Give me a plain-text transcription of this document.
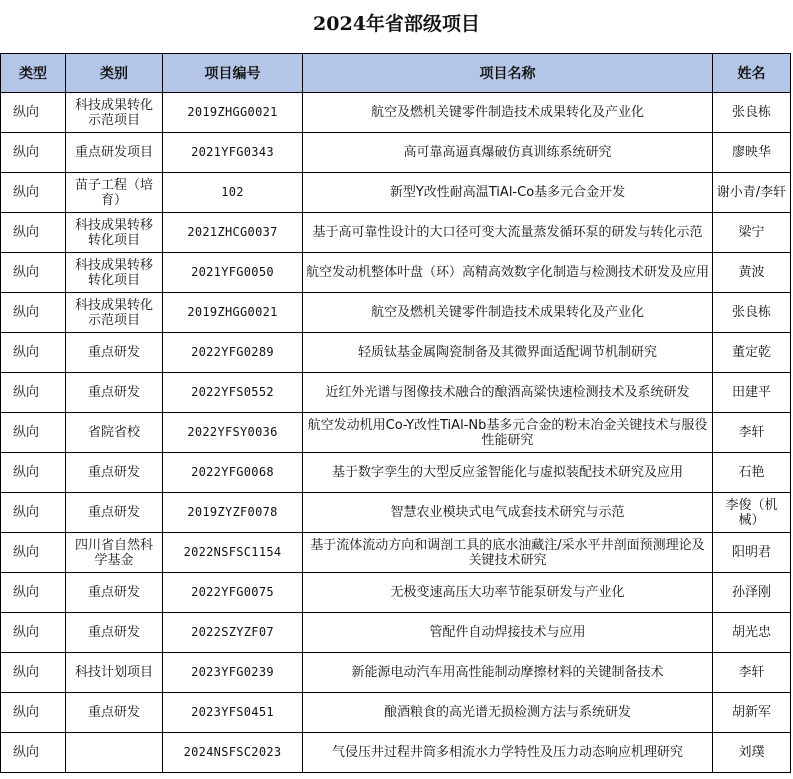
2024年省部级项目
类型	类别	项目编号	项目名称	姓名
纵向	科技成果转化示范项目	2019ZHGG0021	航空及燃机关键零件制造技术成果转化及产业化	张良栋
纵向	重点研发项目	2021YFG0343	高可靠高逼真爆破仿真训练系统研究	廖映华
纵向	苗子工程（培育）	102	新型Y改性耐高温TiAl-Co基多元合金开发	谢小青/李轩
纵向	科技成果转移转化项目	2021ZHCG0037	基于高可靠性设计的大口径可变大流量蒸发循环泵的研发与转化示范	梁宁
纵向	科技成果转移转化项目	2021YFG0050	航空发动机整体叶盘（环）高精高效数字化制造与检测技术研发及应用	黄波
纵向	科技成果转化示范项目	2019ZHGG0021	航空及燃机关键零件制造技术成果转化及产业化	张良栋
纵向	重点研发	2022YFG0289	轻质钛基金属陶瓷制备及其微界面适配调节机制研究	董定乾
纵向	重点研发	2022YFS0552	近红外光谱与图像技术融合的酿酒高粱快速检测技术及系统研发	田建平
纵向	省院省校	2022YFSY0036	航空发动机用Co-Y改性TiAl-Nb基多元合金的粉末冶金关键技术与服役性能研究	李轩
纵向	重点研发	2022YFG0068	基于数字孪生的大型反应釜智能化与虚拟装配技术研究及应用	石艳
纵向	重点研发	2019ZYZF0078	智慧农业模块式电气成套技术研究与示范	李俊（机械）
纵向	四川省自然科学基金	2022NSFSC1154	基于流体流动方向和调剖工具的底水油藏注/采水平井剖面预测理论及关键技术研究	阳明君
纵向	重点研发	2022YFG0075	无极变速高压大功率节能泵研发与产业化	孙泽刚
纵向	重点研发	2022SZYZF07	管配件自动焊接技术与应用	胡光忠
纵向	科技计划项目	2023YFG0239	新能源电动汽车用高性能制动摩擦材料的关键制备技术	李轩
纵向	重点研发	2023YFS0451	酿酒粮食的高光谱无损检测方法与系统研发	胡新军
纵向		2024NSFSC2023	气侵压井过程井筒多相流水力学特性及压力动态响应机理研究	刘璞
